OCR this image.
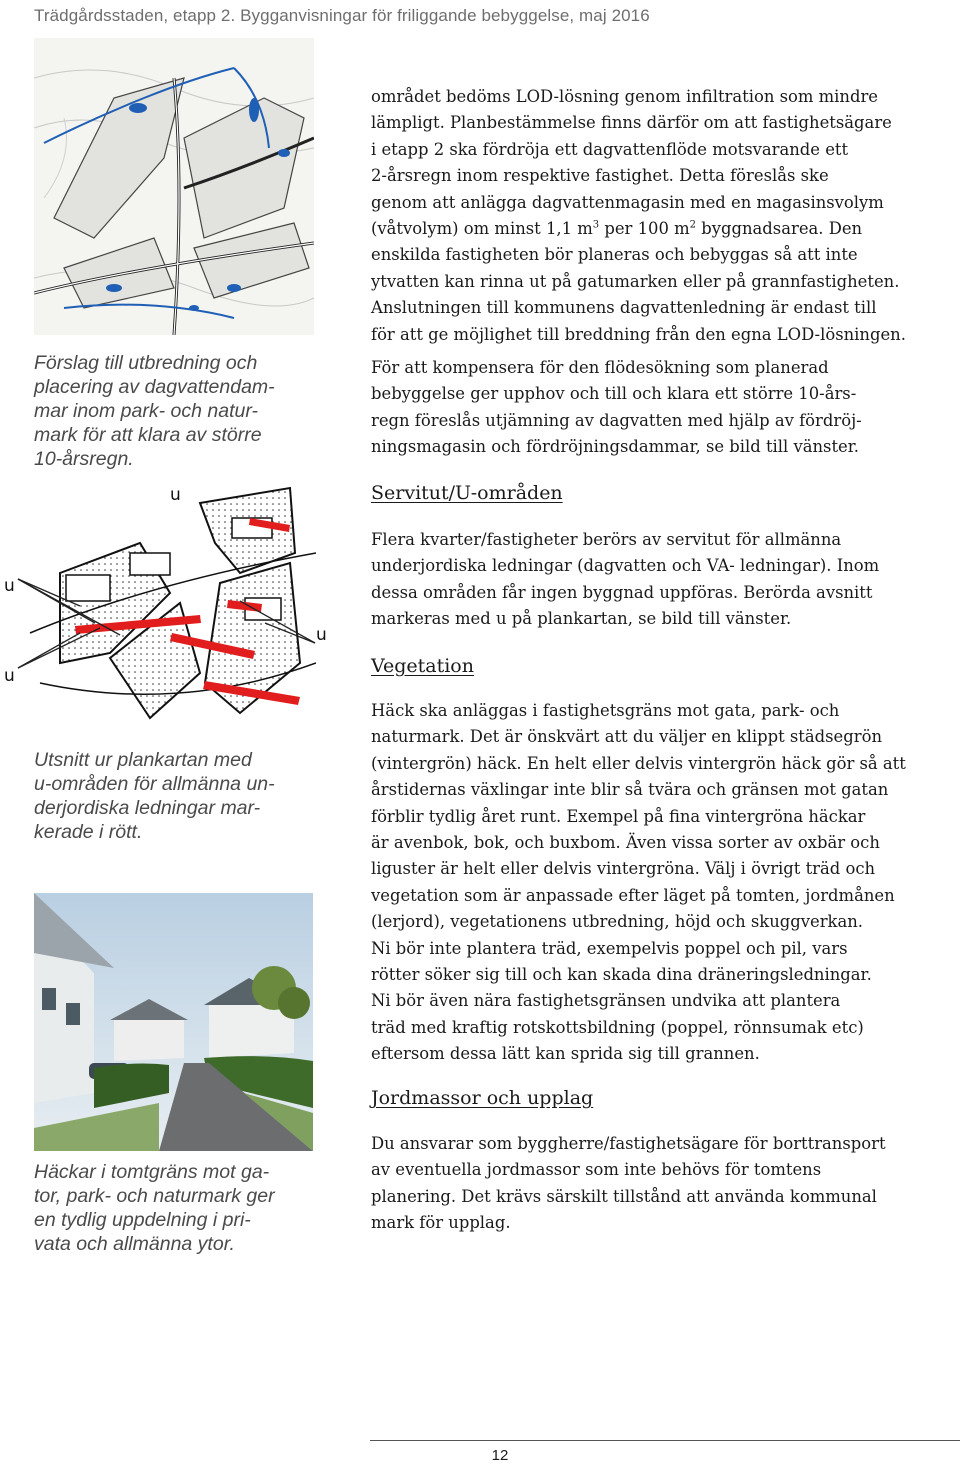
Trädgårdsstaden, etapp 2. Bygganvisningar för friliggande bebyggelse, maj 2016
Förslag till utbredning och
placering av dagvattendam-
mar inom park- och natur-
mark för att klara av större
10-årsregn.
u
u
u
u
Utsnitt ur plankartan med
u-områden för allmänna un-
derjordiska ledningar mar-
kerade i rött.
Häckar i tomtgräns mot ga-
tor, park- och naturmark ger
en tydlig uppdelning i pri-
vata och allmänna ytor.

området bedöms LOD-lösning genom infiltration som mindre
lämpligt. Planbestämmelse finns därför om att fastighetsägare
i etapp 2 ska fördröja ett dagvattenflöde motsvarande ett
2-årsregn inom respektive fastighet. Detta föreslås ske
genom att anlägga dagvattenmagasin med en magasinsvolym
(våtvolym) om minst 1,1 $m^3$ per 100 $m^2$ byggnadsarea. Den
enskilda fastigheten bör planeras och bebyggas så att inte
ytvatten kan rinna ut på gatumarken eller på grannfastigheten.
Anslutningen till kommunens dagvattenledning är endast till
för att ge möjlighet till breddning från den egna LOD-lösningen.

För att kompensera för den flödesökning som planerad
bebyggelse ger upphov och till och klara ett större 10-års-
regn föreslås utjämning av dagvatten med hjälp av fördröj-
ningsmagasin och fördröjningsdammar, se bild till vänster.

Servitut/U-områden

Flera kvarter/fastigheter berörs av servitut för allmänna
underjordiska ledningar (dagvatten och VA- ledningar). Inom
dessa områden får ingen byggnad uppföras. Berörda avsnitt
markeras med u på plankartan, se bild till vänster.

Vegetation

Häck ska anläggas i fastighetsgräns mot gata, park- och
naturmark. Det är önskvärt att du väljer en klippt städsegrön
(vintergrön) häck. En helt eller delvis vintergrön häck gör så att
årstidernas växlingar inte blir så tvära och gränsen mot gatan
förblir tydlig året runt. Exempel på fina vintergröna häckar
är avenbok, bok, och buxbom. Även vissa sorter av oxbär och
liguster är helt eller delvis vintergröna. Välj i övrigt träd och
vegetation som är anpassade efter läget på tomten, jordmånen
(lerjord), vegetationens utbredning, höjd och skuggverkan.
Ni bör inte plantera träd, exempelvis poppel och pil, vars
rötter söker sig till och kan skada dina dräneringsledningar.
Ni bör även nära fastighetsgränsen undvika att plantera
träd med kraftig rotskottsbildning (poppel, rönnsumak etc)
eftersom dessa lätt kan sprida sig till grannen.

Jordmassor och upplag

Du ansvarar som byggherre/fastighetsägare för borttransport
av eventuella jordmassor som inte behövs för tomtens
planering. Det krävs särskilt tillstånd att använda kommunal
mark för upplag.

12
